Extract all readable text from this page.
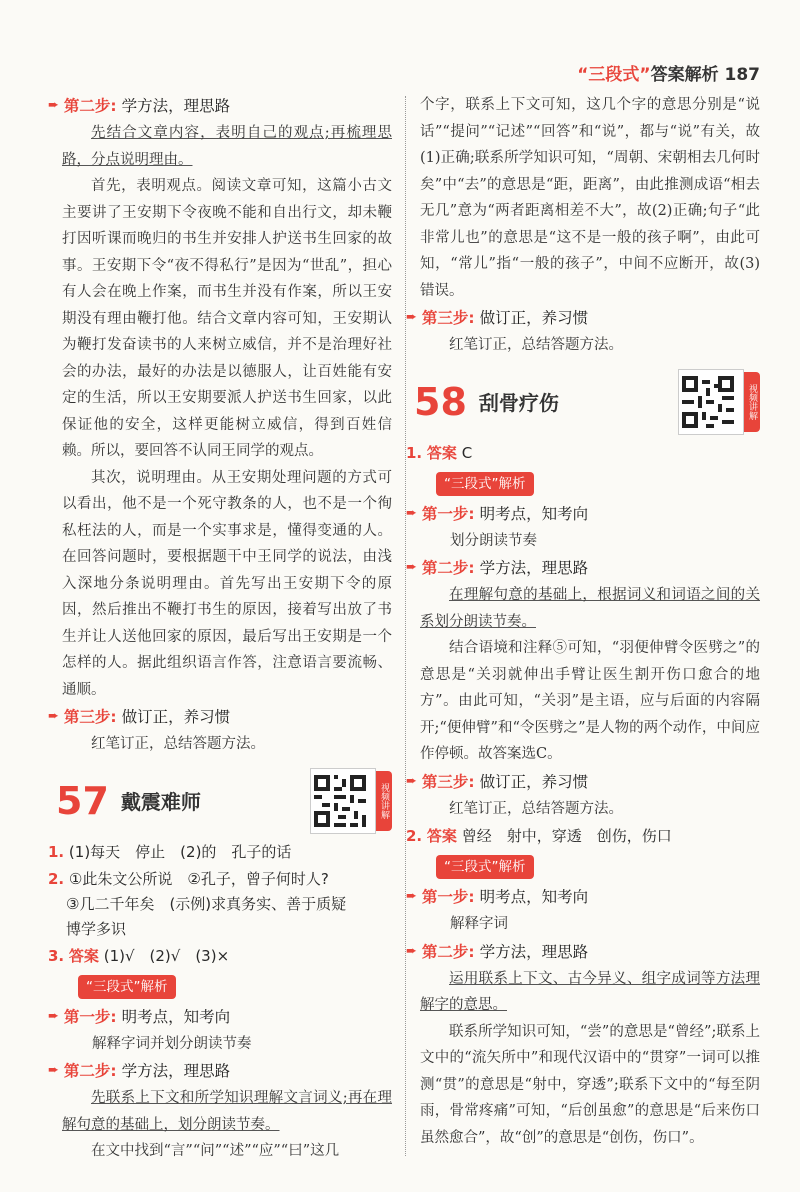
“三段式”答案解析 187
➨ 第二步: 学方法，理思路

先结合文章内容，表明自己的观点;再梳理思路，分点说明理由。

首先，表明观点。阅读文章可知，这篇小古文主要讲了王安期下令夜晚不能和自出行文，却未鞭打因听课而晚归的书生并安排人护送书生回家的故事。王安期下令“夜不得私行”是因为“世乱”，担心有人会在晚上作案，而书生并没有作案，所以王安期没有理由鞭打他。结合文章内容可知，王安期认为鞭打发奋读书的人来树立威信，并不是治理好社会的办法，最好的办法是以德服人，让百姓能有安定的生活，所以王安期要派人护送书生回家，以此保证他的安全，这样更能树立威信，得到百姓信赖。所以，要回答不认同王同学的观点。

其次，说明理由。从王安期处理问题的方式可以看出，他不是一个死守教条的人，也不是一个徇私枉法的人，而是一个实事求是，懂得变通的人。在回答问题时，要根据题干中王同学的说法，由浅入深地分条说明理由。首先写出王安期下令的原因，然后推出不鞭打书生的原因，接着写出放了书生并让人送他回家的原因，最后写出王安期是一个怎样的人。据此组织语言作答，注意语言要流畅、通顺。

➨ 第三步: 做订正，养习惯

红笔订正，总结答题方法。

57 戴震难师	视频讲解
1. (1)每天　停止　(2)的　孔子的话
2. ①此朱文公所说　②孔子，曾子何时人?
③几二千年矣　(示例)求真务实、善于质疑
博学多识
3. 答案 (1)√　(2)√　(3)×
“三段式”解析
➨ 第一步: 明考点，知考向

解释字词并划分朗读节奏

➨ 第二步: 学方法，理思路

先联系上下文和所学知识理解文言词义;再在理解句意的基础上，划分朗读节奏。

在文中找到“言”“问”“述”“应”“曰”这几

个字，联系上下文可知，这几个字的意思分别是“说话”“提问”“记述”“回答”和“说”，都与“说”有关，故(1)正确;联系所学知识可知，“周朝、宋朝相去几何时矣”中“去”的意思是“距，距离”，由此推测成语“相去无几”意为“两者距离相差不大”，故(2)正确;句子“此非常儿也”的意思是“这不是一般的孩子啊”，由此可知，“常儿”指“一般的孩子”，中间不应断开，故(3)错误。

➨ 第三步: 做订正，养习惯

红笔订正，总结答题方法。

58 刮骨疗伤	视频讲解
1. 答案 C
“三段式”解析
➨ 第一步: 明考点，知考向

划分朗读节奏

➨ 第二步: 学方法，理思路

在理解句意的基础上，根据词义和词语之间的关系划分朗读节奏。

结合语境和注释⑤可知，“羽便伸臂令医劈之”的意思是“关羽就伸出手臂让医生割开伤口愈合的地方”。由此可知，“关羽”是主语，应与后面的内容隔开;“便伸臂”和“令医劈之”是人物的两个动作，中间应作停顿。故答案选C。

➨ 第三步: 做订正，养习惯

红笔订正，总结答题方法。

2. 答案 曾经　射中，穿透　创伤，伤口
“三段式”解析
➨ 第一步: 明考点，知考向

解释字词

➨ 第二步: 学方法，理思路

运用联系上下文、古今异义、组字成词等方法理解字的意思。

联系所学知识可知，“尝”的意思是“曾经”;联系上文中的“流矢所中”和现代汉语中的“贯穿”一词可以推测“贯”的意思是“射中，穿透”;联系下文中的“每至阴雨，骨常疼痛”可知，“后创虽愈”的意思是“后来伤口虽然愈合”，故“创”的意思是“创伤，伤口”。
